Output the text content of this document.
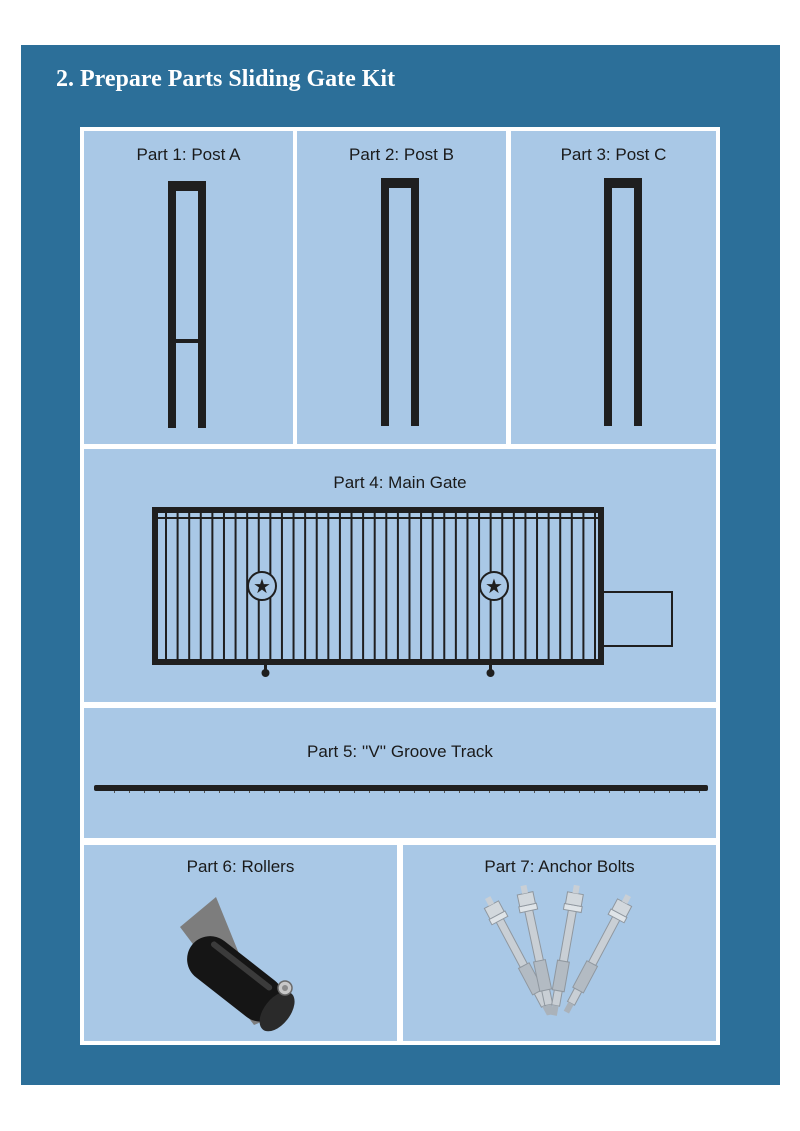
2. Prepare Parts Sliding Gate Kit
Part 1: Post A	Part 2: Post B	Part 3: Post C
Part 4: Main Gate
★	★
Part 5: ''V'' Groove Track
Part 6: Rollers	Part 7: Anchor Bolts
